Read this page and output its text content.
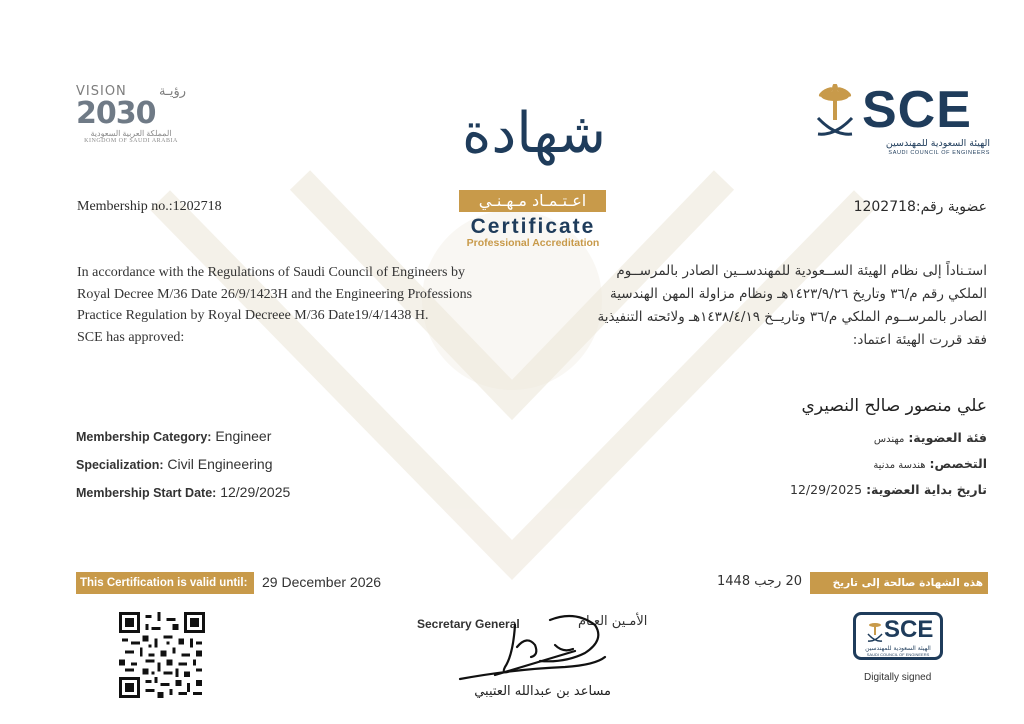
VISION رؤيـة
2030
المملكة العربية السعودية
KINGDOM OF SAUDI ARABIA	شهادة
اعـتـمـاد مـهـنـي
Certificate
Professional Accreditation
SCE
الهيئة السعودية للمهندسين
SAUDI COUNCIL OF ENGINEERS
Membership no.:1202718	عضوية رقم:1202718
In accordance with the Regulations of Saudi Council of Engineers by
Royal Decree M/36 Date 26/9/1423H and the Engineering Professions
Practice Regulation by Royal Decreee M/36 Date19/4/1438 H.
SCE has approved:
استـناداً إلى نظام الهيئة الســعودية للمهندســين الصادر بالمرســوم
الملكي رقم م/٣٦ وتاريخ ١٤٢٣/٩/٢٦هـ ونظام مزاولة المهن الهندسية
الصادر بالمرســوم الملكي م/٣٦ وتاريــخ ١٤٣٨/٤/١٩هـ ولائحته التنفيذية
فقد قررت الهيئة اعتماد:
علي منصور صالح النصيري
Membership Category: Engineer
Specialization: Civil Engineering
Membership Start Date: 12/29/2025
فئة العضوية: مهندس
التخصص: هندسة مدنية
تاريخ بداية العضوية: 12/29/2025
This Certification is valid until:	29 December 2026	هذه الشهادة صالحة إلى تاريخ
20 رجب 1448
Secretary General	الأمـين العـام
مساعد بن عبدالله العتيبي
SCE
الهيئة السعودية للمهندسين
SAUDI COUNCIL OF ENGINEERS
Digitally signed
